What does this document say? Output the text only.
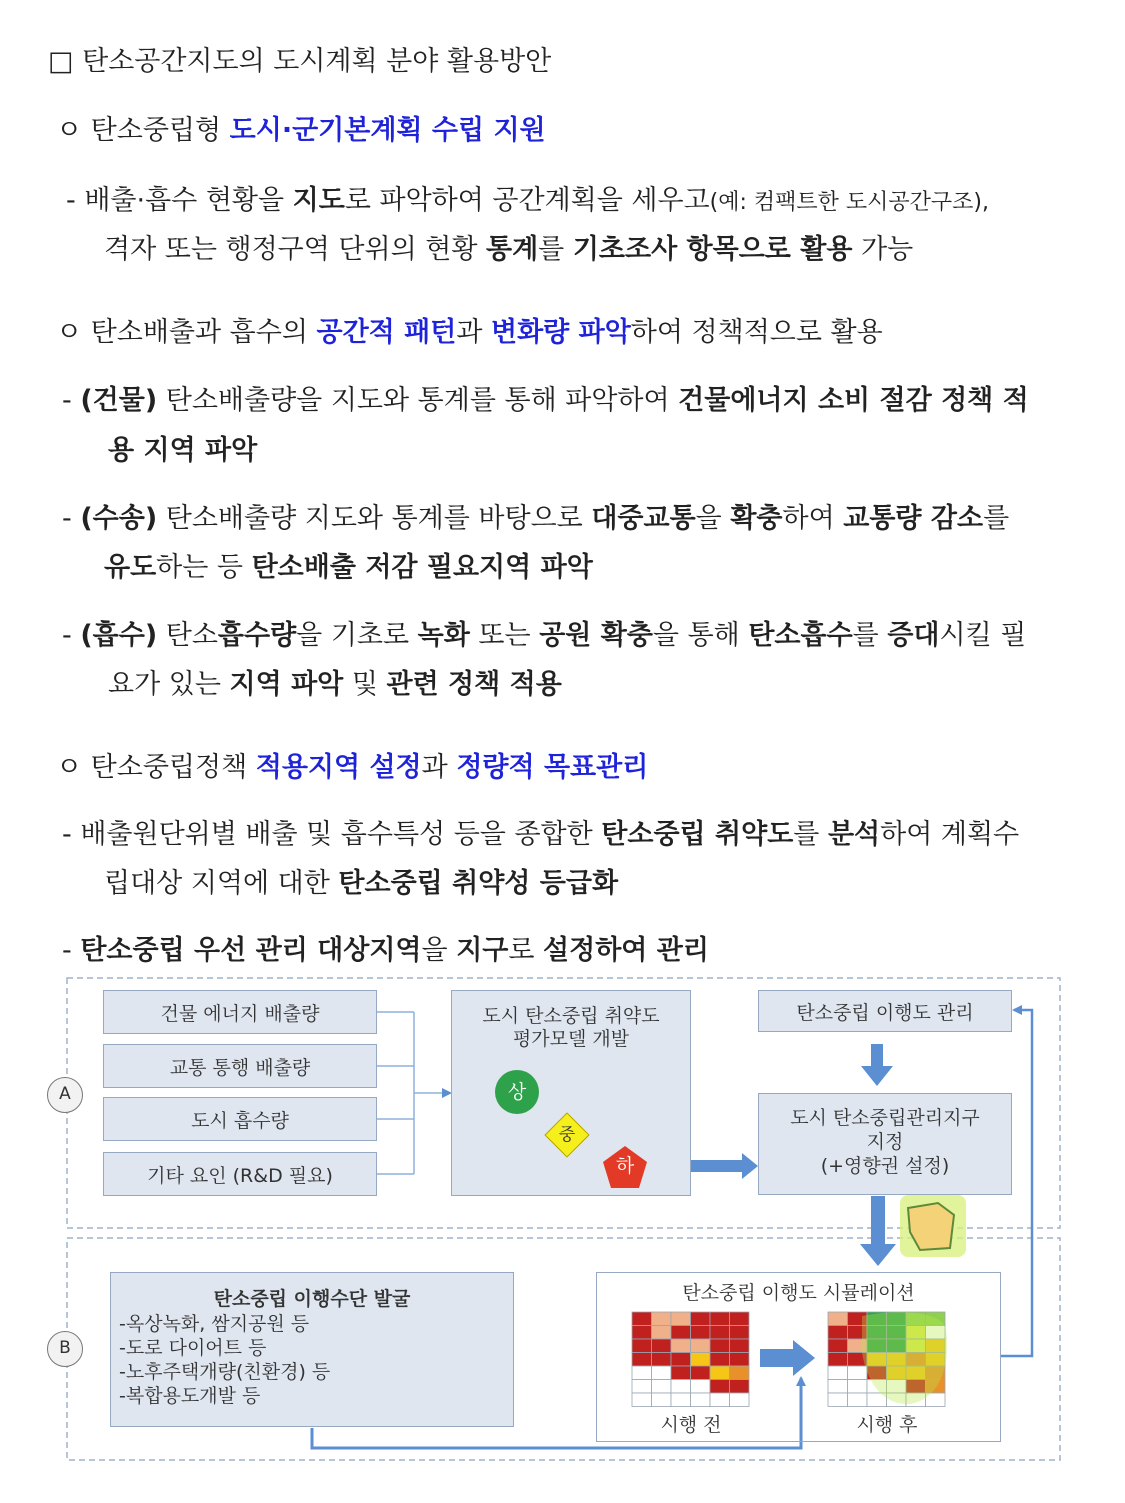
□ 탄소공간지도의 도시계획 분야 활용방안
ㅇ 탄소중립형 도시·군기본계획 수립 지원
- 배출·흡수 현황을 지도로 파악하여 공간계획을 세우고(예: 컴팩트한 도시공간구조),
격자 또는 행정구역 단위의 현황 통계를 기초조사 항목으로 활용 가능
ㅇ 탄소배출과 흡수의 공간적 패턴과 변화량 파악하여 정책적으로 활용
- (건물) 탄소배출량을 지도와 통계를 통해 파악하여 건물에너지 소비 절감 정책 적
용 지역 파악
- (수송) 탄소배출량 지도와 통계를 바탕으로 대중교통을 확충하여 교통량 감소를
유도하는 등 탄소배출 저감 필요지역 파악
- (흡수) 탄소흡수량을 기초로 녹화 또는 공원 확충을 통해 탄소흡수를 증대시킬 필
요가 있는 지역 파악 및 관련 정책 적용
ㅇ 탄소중립정책 적용지역 설정과 정량적 목표관리
- 배출원단위별 배출 및 흡수특성 등을 종합한 탄소중립 취약도를 분석하여 계획수
립대상 지역에 대한 탄소중립 취약성 등급화
- 탄소중립 우선 관리 대상지역을 지구로 설정하여 관리
A
B
건물 에너지 배출량
교통 통행 배출량
도시 흡수량
기타 요인 (R&D 필요)
도시 탄소중립 취약도
평가모델 개발
상
중
하
탄소중립 이행도 관리
도시 탄소중립관리지구
지정
(+영향권 설정)
탄소중립 이행수단 발굴
-옥상녹화, 쌈지공원 등
-도로 다이어트 등
-노후주택개량(친환경) 등
-복합용도개발 등
탄소중립 이행도 시뮬레이션
시행 전	시행 후
